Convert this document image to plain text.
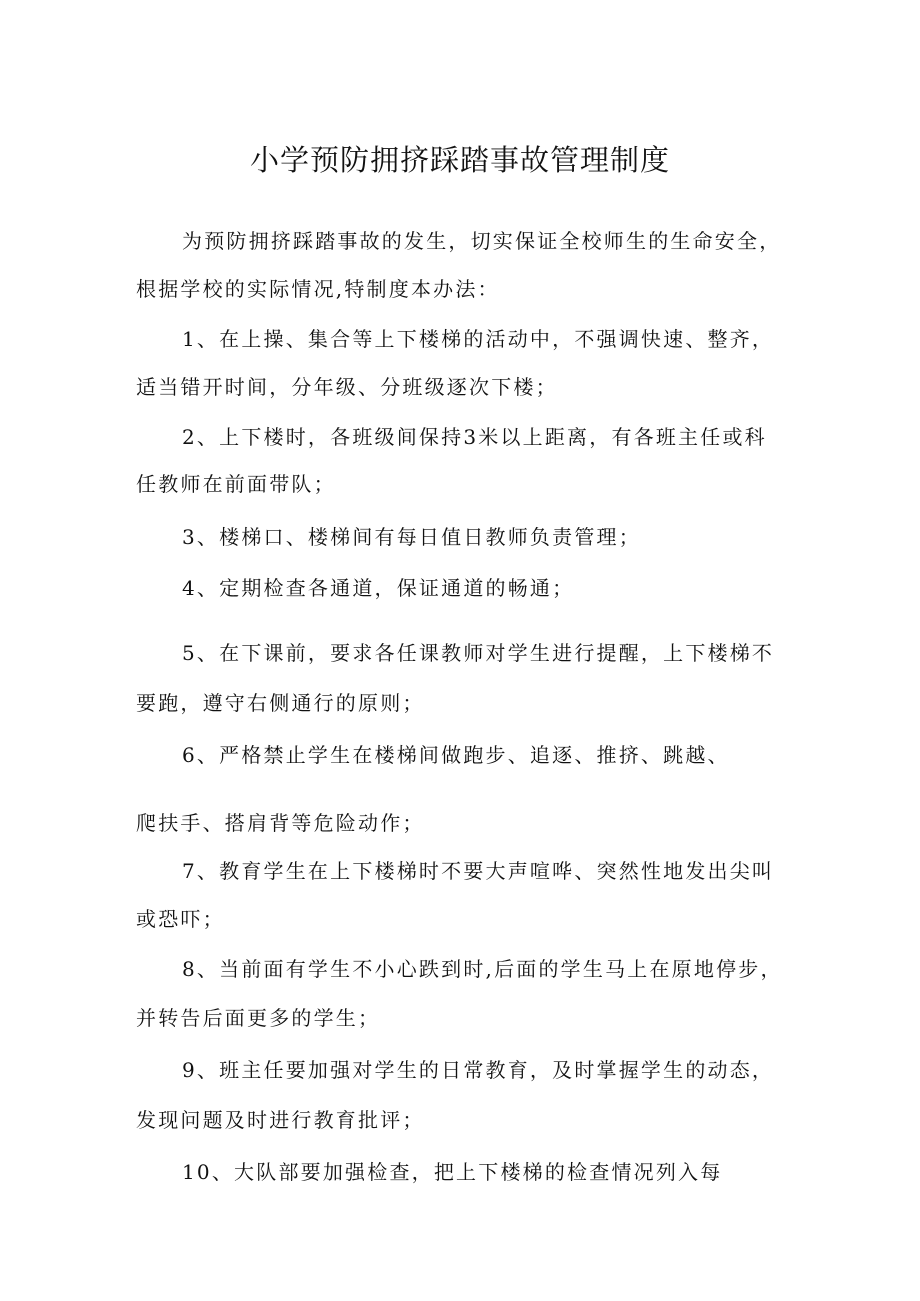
小学预防拥挤踩踏事故管理制度
为预防拥挤踩踏事故的发生，切实保证全校师生的生命安全，
根据学校的实际情况,特制度本办法：
1、在上操、集合等上下楼梯的活动中，不强调快速、整齐，
适当错开时间，分年级、分班级逐次下楼；
2、上下楼时，各班级间保持3米以上距离，有各班主任或科
任教师在前面带队；
3、楼梯口、楼梯间有每日值日教师负责管理；
4、定期检查各通道，保证通道的畅通；
5、在下课前，要求各任课教师对学生进行提醒，上下楼梯不
要跑，遵守右侧通行的原则；
6、严格禁止学生在楼梯间做跑步、追逐、推挤、跳越、
爬扶手、搭肩背等危险动作；
7、教育学生在上下楼梯时不要大声喧哗、突然性地发出尖叫
或恐吓；
8、当前面有学生不小心跌到时,后面的学生马上在原地停步，
并转告后面更多的学生；
9、班主任要加强对学生的日常教育，及时掌握学生的动态，
发现问题及时进行教育批评；
10、大队部要加强检查，把上下楼梯的检查情况列入每
